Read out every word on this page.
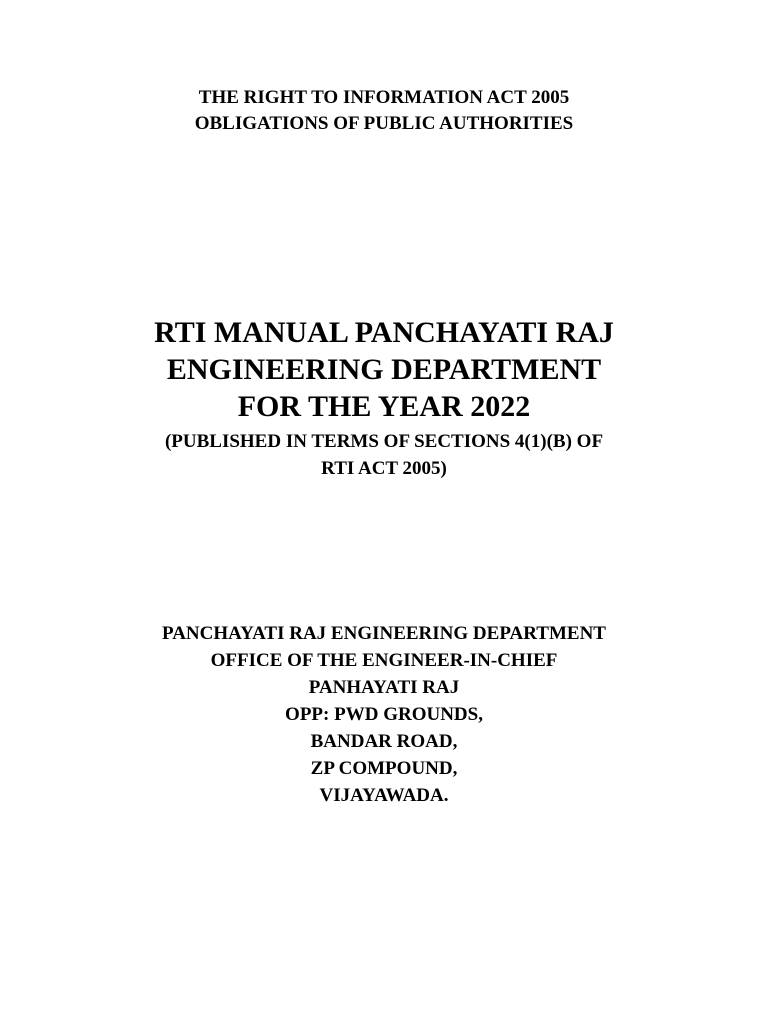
THE RIGHT TO INFORMATION ACT 2005
OBLIGATIONS OF PUBLIC AUTHORITIES
RTI MANUAL PANCHAYATI RAJ
ENGINEERING DEPARTMENT
FOR THE YEAR 2022
(PUBLISHED IN TERMS OF SECTIONS 4(1)(B) OF
RTI ACT 2005)
PANCHAYATI RAJ ENGINEERING DEPARTMENT
OFFICE OF THE ENGINEER-IN-CHIEF
PANHAYATI RAJ
OPP: PWD GROUNDS,
BANDAR ROAD,
ZP COMPOUND,
VIJAYAWADA.
